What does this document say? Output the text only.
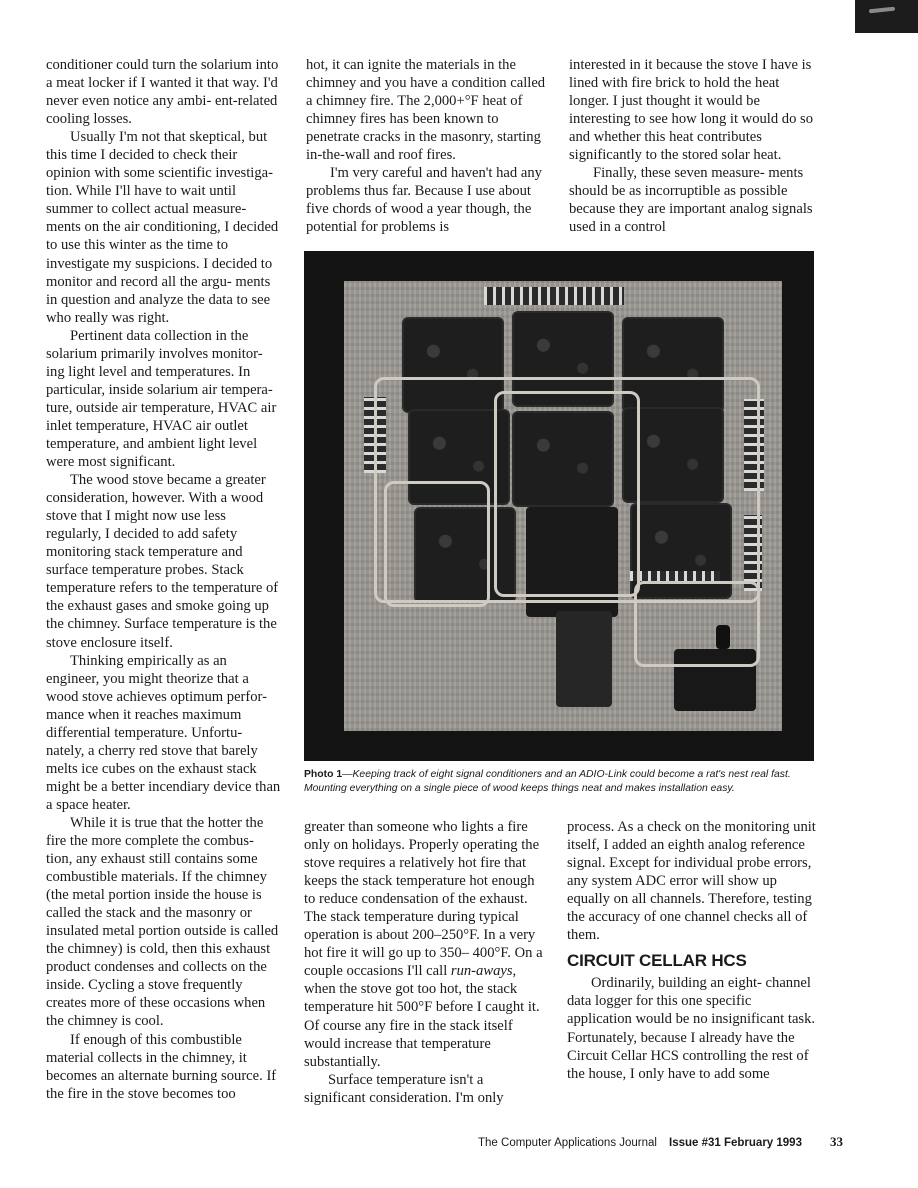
conditioner could turn the solarium into a meat locker if I wanted it that way. I'd never even notice any ambi- ent-related cooling losses.

Usually I'm not that skeptical, but this time I decided to check their opinion with some scientific investiga- tion. While I'll have to wait until summer to collect actual measure- ments on the air conditioning, I decided to use this winter as the time to investigate my suspicions. I decided to monitor and record all the argu- ments in question and analyze the data to see who really was right.

Pertinent data collection in the solarium primarily involves monitor- ing light level and temperatures. In particular, inside solarium air tempera- ture, outside air temperature, HVAC air inlet temperature, HVAC air outlet temperature, and ambient light level were most significant.

The wood stove became a greater consideration, however. With a wood stove that I might now use less regularly, I decided to add safety monitoring stack temperature and surface temperature probes. Stack temperature refers to the temperature of the exhaust gases and smoke going up the chimney. Surface temperature is the stove enclosure itself.

Thinking empirically as an engineer, you might theorize that a wood stove achieves optimum perfor- mance when it reaches maximum differential temperature. Unfortu- nately, a cherry red stove that barely melts ice cubes on the exhaust stack might be a better incendiary device than a space heater.

While it is true that the hotter the fire the more complete the combus- tion, any exhaust still contains some combustible materials. If the chimney (the metal portion inside the house is called the stack and the masonry or insulated metal portion outside is called the chimney) is cold, then this exhaust product condenses and collects on the inside. Cycling a stove frequently creates more of these occasions when the chimney is cool.

If enough of this combustible material collects in the chimney, it becomes an alternate burning source. If the fire in the stove becomes too

hot, it can ignite the materials in the chimney and you have a condition called a chimney fire. The 2,000+°F heat of chimney fires has been known to penetrate cracks in the masonry, starting in-the-wall and roof fires.

I'm very careful and haven't had any problems thus far. Because I use about five chords of wood a year though, the potential for problems is

interested in it because the stove I have is lined with fire brick to hold the heat longer. I just thought it would be interesting to see how long it would do so and whether this heat contributes significantly to the stored solar heat.

Finally, these seven measure- ments should be as incorruptible as possible because they are important analog signals used in a control

Photo 1—Keeping track of eight signal conditioners and an ADIO-Link could become a rat's nest real fast. Mounting everything on a single piece of wood keeps things neat and makes installation easy.

greater than someone who lights a fire only on holidays. Properly operating the stove requires a relatively hot fire that keeps the stack temperature hot enough to reduce condensation of the exhaust. The stack temperature during typical operation is about 200–250°F. In a very hot fire it will go up to 350– 400°F. On a couple occasions I'll call run-aways, when the stove got too hot, the stack temperature hit 500°F before I caught it. Of course any fire in the stack itself would increase that temperature substantially.

Surface temperature isn't a significant consideration. I'm only

process. As a check on the monitoring unit itself, I added an eighth analog reference signal. Except for individual probe errors, any system ADC error will show up equally on all channels. Therefore, testing the accuracy of one channel checks all of them.

CIRCUIT CELLAR HCS

Ordinarily, building an eight- channel data logger for this one specific application would be no insignificant task. Fortunately, because I already have the Circuit Cellar HCS controlling the rest of the house, I only have to add some

The Computer Applications Journal Issue #31 February 1993 33
